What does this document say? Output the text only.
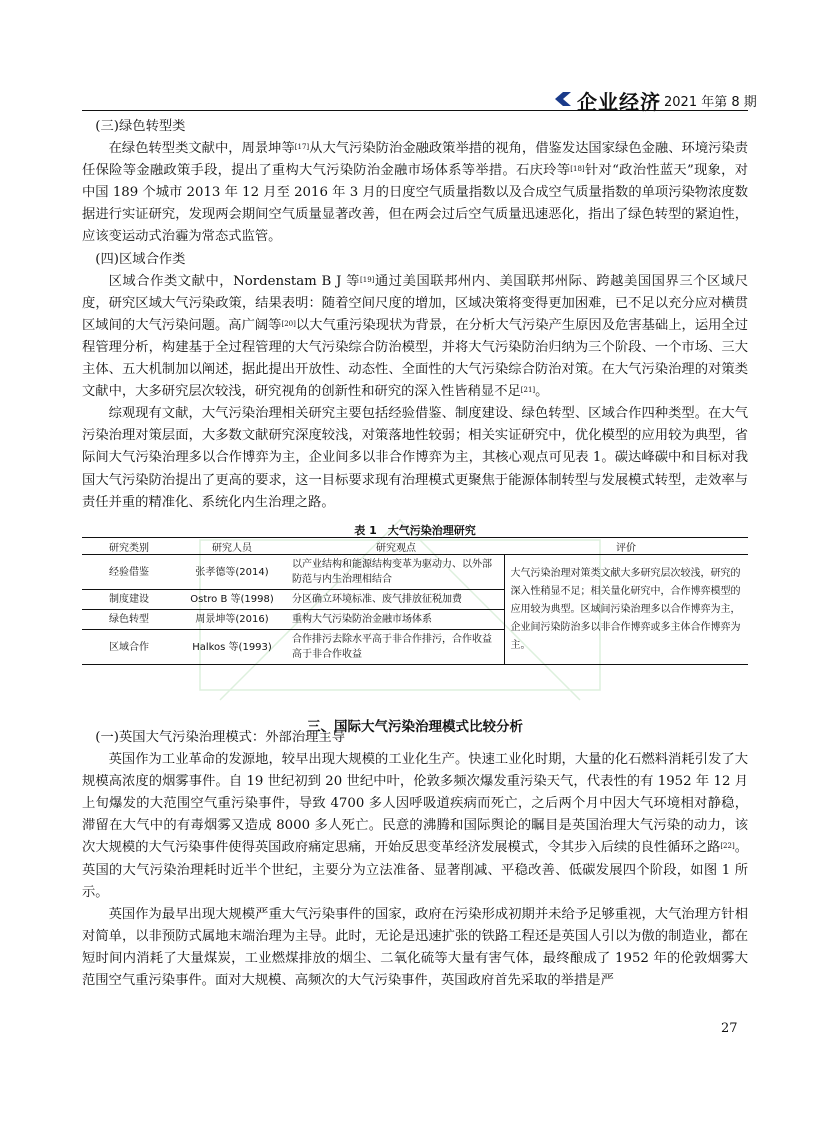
企业经济 2021 年第 8 期

(三)绿色转型类

在绿色转型类文献中，周景坤等[17]从大气污染防治金融政策举措的视角，借鉴发达国家绿色金融、环境污染责任保险等金融政策手段，提出了重构大气污染防治金融市场体系等举措。石庆玲等[18]针对“政治性蓝天”现象，对中国 189 个城市 2013 年 12 月至 2016 年 3 月的日度空气质量指数以及合成空气质量指数的单项污染物浓度数据进行实证研究，发现两会期间空气质量显著改善，但在两会过后空气质量迅速恶化，指出了绿色转型的紧迫性，应该变运动式治霾为常态式监管。

(四)区域合作类

区域合作类文献中，Nordenstam B J 等[19]通过美国联邦州内、美国联邦州际、跨越美国国界三个区域尺度，研究区域大气污染政策，结果表明：随着空间尺度的增加，区域决策将变得更加困难，已不足以充分应对横贯区域间的大气污染问题。高广阔等[20]以大气重污染现状为背景，在分析大气污染产生原因及危害基础上，运用全过程管理分析，构建基于全过程管理的大气污染综合防治模型，并将大气污染防治归纳为三个阶段、一个市场、三大主体、五大机制加以阐述，据此提出开放性、动态性、全面性的大气污染综合防治对策。在大气污染治理的对策类文献中，大多研究层次较浅，研究视角的创新性和研究的深入性皆稍显不足[21]。

综观现有文献，大气污染治理相关研究主要包括经验借鉴、制度建设、绿色转型、区域合作四种类型。在大气污染治理对策层面，大多数文献研究深度较浅，对策落地性较弱；相关实证研究中，优化模型的应用较为典型，省际间大气污染治理多以合作博弈为主，企业间多以非合作博弈为主，其核心观点可见表 1。碳达峰碳中和目标对我国大气污染防治提出了更高的要求，这一目标要求现有治理模式更聚焦于能源体制转型与发展模式转型，走效率与责任并重的精准化、系统化内生治理之路。

表 1　大气污染治理研究
研究类别	研究人员	研究观点	评价
经验借鉴	张孝德等(2014)	以产业结构和能源结构变革为驱动力、以外部防范与内生治理相结合	大气污染治理对策类文献大多研究层次较浅，研究的深入性稍显不足；相关量化研究中，合作博弈模型的应用较为典型。区域间污染治理多以合作博弈为主，企业间污染防治多以非合作博弈或多主体合作博弈为主。
制度建设	Ostro B 等(1998)	分区确立环境标准、废气排放征税加费	
绿色转型	周景坤等(2016)	重构大气污染防治金融市场体系	
区域合作	Halkos 等(1993)	合作排污去除水平高于非合作排污，合作收益高于非合作收益	
三、国际大气污染治理模式比较分析

(一)英国大气污染治理模式：外部治理主导

英国作为工业革命的发源地，较早出现大规模的工业化生产。快速工业化时期，大量的化石燃料消耗引发了大规模高浓度的烟雾事件。自 19 世纪初到 20 世纪中叶，伦敦多频次爆发重污染天气，代表性的有 1952 年 12 月上旬爆发的大范围空气重污染事件，导致 4700 多人因呼吸道疾病而死亡，之后两个月中因大气环境相对静稳，滞留在大气中的有毒烟雾又造成 8000 多人死亡。民意的沸腾和国际舆论的瞩目是英国治理大气污染的动力，该次大规模的大气污染事件使得英国政府痛定思痛，开始反思变革经济发展模式，令其步入后续的良性循环之路[22]。英国的大气污染治理耗时近半个世纪，主要分为立法准备、显著削减、平稳改善、低碳发展四个阶段，如图 1 所示。

英国作为最早出现大规模严重大气污染事件的国家，政府在污染形成初期并未给予足够重视，大气治理方针相对简单，以非预防式属地末端治理为主导。此时，无论是迅速扩张的铁路工程还是英国人引以为傲的制造业，都在短时间内消耗了大量煤炭，工业燃煤排放的烟尘、二氧化硫等大量有害气体，最终酿成了 1952 年的伦敦烟雾大范围空气重污染事件。面对大规模、高频次的大气污染事件，英国政府首先采取的举措是严

27
